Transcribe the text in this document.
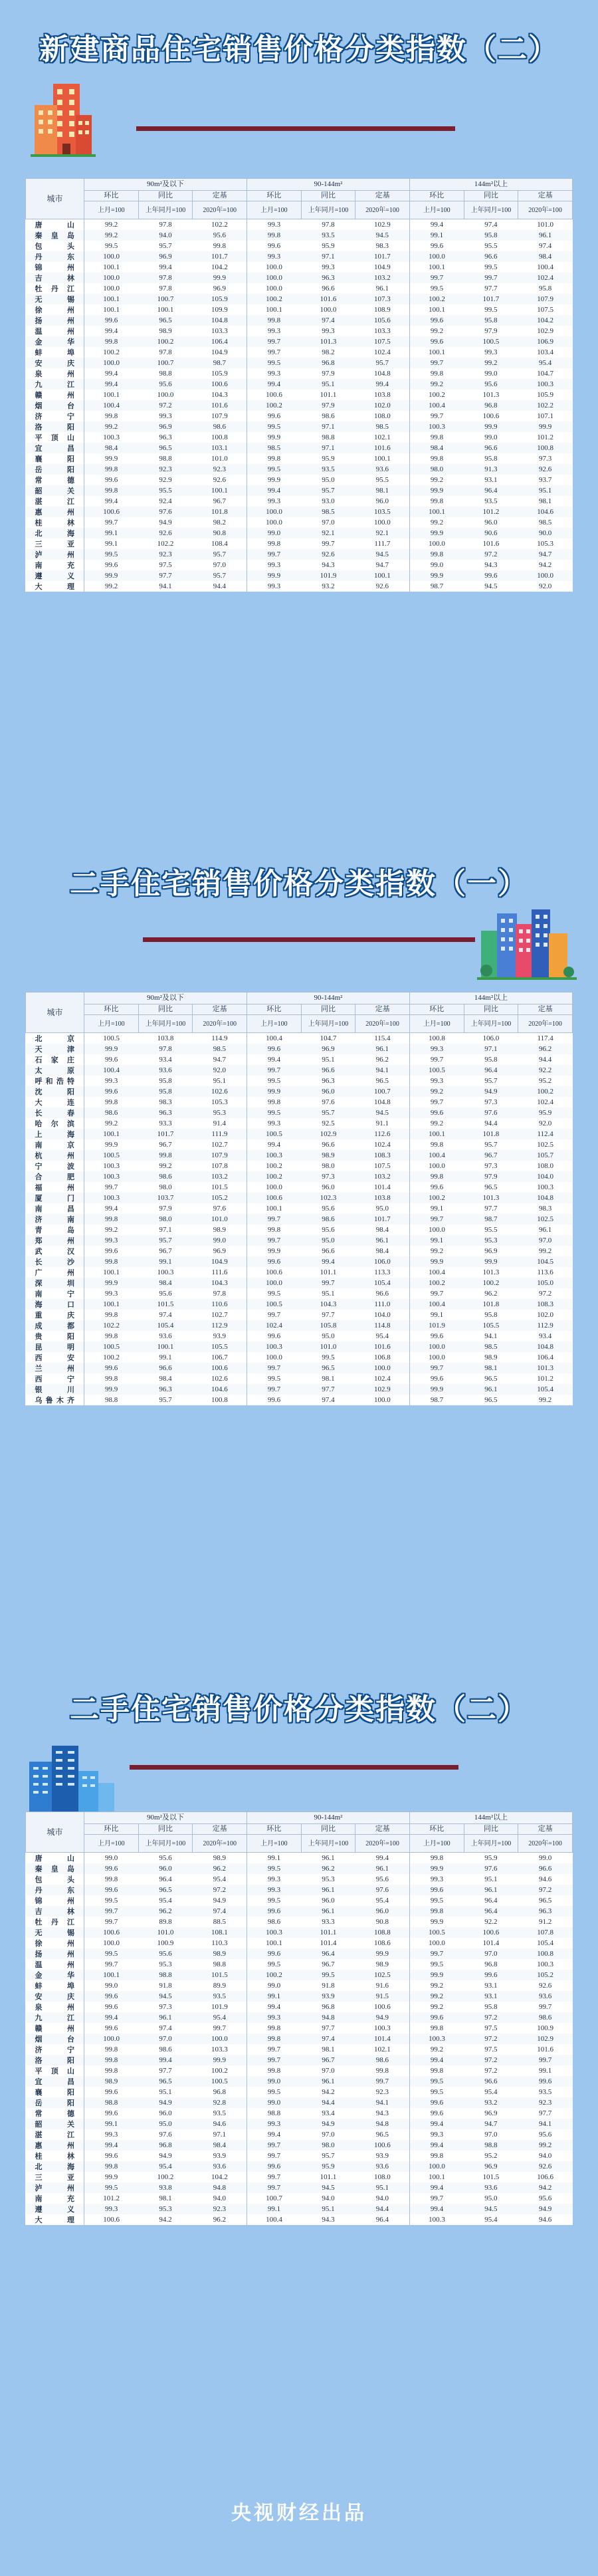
新建商品住宅销售价格分类指数（二）
城市	90m²及以下			90-144m²			144m²以上		
	环比	同比	定基	环比	同比	定基	环比	同比	定基
	上月=100	上年同月=100	2020年=100	上月=100	上年同月=100	2020年=100	上月=100	上年同月=100	2020年=100
唐山	99.2	97.8	102.2	99.3	97.8	102.9	99.4	97.4	101.0
秦皇岛	99.2	94.0	95.6	99.8	93.5	94.5	99.1	95.8	96.1
包头	99.5	95.7	99.8	99.6	95.9	98.3	99.6	95.5	97.4
丹东	100.0	96.9	101.7	99.3	97.1	101.7	100.0	96.6	98.4
锦州	100.1	99.4	104.2	100.0	99.3	104.9	100.1	99.5	100.4
吉林	100.0	97.8	99.9	100.0	96.3	103.2	99.7	99.7	102.4
牡丹江	100.0	97.8	96.9	100.0	96.6	96.1	99.5	97.7	95.8
无锡	100.1	100.7	105.9	100.2	101.6	107.3	100.2	101.7	107.9
徐州	100.1	100.1	109.9	100.1	100.0	108.9	100.1	99.5	107.5
扬州	99.6	96.5	104.8	99.8	97.4	105.6	99.6	95.8	104.2
温州	99.4	98.9	103.3	99.3	99.3	103.3	99.2	97.9	102.9
金华	99.8	100.2	106.4	99.7	101.3	107.5	99.6	100.5	106.9
蚌埠	100.2	97.8	104.9	99.7	98.2	102.4	100.1	99.3	103.4
安庆	100.0	100.7	98.7	99.5	96.8	95.7	99.7	99.2	95.4
泉州	99.4	98.8	105.9	99.3	97.9	104.8	99.8	99.0	104.7
九江	99.4	95.6	100.6	99.4	95.1	99.4	99.2	95.6	100.3
赣州	100.1	100.0	104.3	100.6	101.1	103.8	100.2	101.3	105.9
烟台	100.4	97.2	101.6	100.2	97.9	102.0	100.4	96.8	102.2
济宁	99.8	99.3	107.9	99.6	98.6	108.0	99.7	100.6	107.1
洛阳	99.2	96.9	98.6	99.5	97.1	98.5	100.3	99.9	99.9
平顶山	100.3	96.3	100.8	99.9	98.8	102.1	99.8	99.0	101.2
宜昌	98.4	96.5	103.1	98.5	97.1	101.6	98.4	96.6	100.8
襄阳	99.9	98.8	101.0	99.8	95.9	100.1	99.8	95.8	97.3
岳阳	99.8	92.3	92.3	99.5	93.5	93.6	98.0	91.3	92.6
常德	99.6	92.9	92.6	99.9	95.0	95.5	99.2	93.1	93.7
韶关	99.8	95.5	100.1	99.4	95.7	98.1	99.9	96.4	95.1
湛江	99.4	92.4	96.7	99.3	93.0	96.0	99.8	93.5	98.1
惠州	100.6	97.6	101.8	100.0	98.5	103.5	100.1	101.2	104.6
桂林	99.7	94.9	98.2	100.0	97.0	100.0	99.2	96.0	98.5
北海	99.1	92.6	90.8	99.0	92.1	92.1	99.9	90.6	90.0
三亚	99.1	102.2	108.4	99.8	99.7	111.7	100.0	101.6	105.3
泸州	99.5	92.3	95.7	99.7	92.6	94.5	99.8	97.2	94.7
南充	99.6	97.5	97.0	99.3	94.3	94.7	99.0	94.3	94.2
遵义	99.9	97.7	95.7	99.9	101.9	100.1	99.9	99.6	100.0
大理	99.2	94.1	94.4	99.3	93.2	92.6	98.7	94.5	92.0
二手住宅销售价格分类指数（一）
城市	90m²及以下			90-144m²			144m²以上		
	环比	同比	定基	环比	同比	定基	环比	同比	定基
	上月=100	上年同月=100	2020年=100	上月=100	上年同月=100	2020年=100	上月=100	上年同月=100	2020年=100
北京	100.5	103.8	114.9	100.4	104.7	115.4	100.8	106.0	117.4
天津	99.9	97.8	98.5	99.6	96.9	96.1	99.3	97.1	96.2
石家庄	99.6	93.4	94.7	99.4	95.1	96.2	99.7	95.8	94.4
太原	100.4	93.6	92.0	99.7	96.6	94.1	100.5	96.4	92.2
呼和浩特	99.3	95.8	95.1	99.5	96.3	96.5	99.3	95.7	95.2
沈阳	99.6	95.8	102.6	99.9	96.0	100.7	99.2	94.9	100.2
大连	99.8	98.3	105.3	99.8	97.6	104.8	99.7	97.3	102.4
长春	98.6	96.3	95.3	99.5	95.7	94.5	99.6	97.6	95.9
哈尔滨	99.2	93.3	91.4	99.3	92.5	91.1	99.2	94.4	92.0
上海	100.1	101.7	111.9	100.5	102.9	112.6	100.1	101.8	112.4
南京	99.9	96.7	102.7	99.4	96.6	102.4	99.8	95.7	102.5
杭州	100.5	99.8	107.9	100.3	98.9	108.3	100.4	96.7	105.7
宁波	100.3	99.2	107.8	100.2	98.0	107.5	100.0	97.3	108.0
合肥	100.3	98.6	103.2	100.2	97.3	103.2	99.8	97.9	104.0
福州	99.7	98.0	101.5	100.0	96.0	101.4	99.6	96.5	100.3
厦门	100.3	103.7	105.2	100.6	102.3	103.8	100.2	101.3	104.8
南昌	99.4	97.9	97.6	100.1	95.6	95.0	99.1	97.7	98.3
济南	99.8	98.0	101.0	99.7	98.6	101.7	99.7	98.7	102.5
青岛	99.2	97.1	98.9	99.8	95.6	98.4	100.0	95.5	96.1
郑州	99.3	95.7	99.0	99.7	95.0	96.1	99.1	95.3	97.0
武汉	99.6	96.7	96.9	99.9	96.6	98.4	99.2	96.9	99.2
长沙	99.8	99.1	104.9	99.6	99.4	106.0	99.9	99.9	104.5
广州	100.1	100.3	111.6	100.6	101.1	113.3	100.4	101.3	113.6
深圳	99.9	98.4	104.3	100.0	99.7	105.4	100.2	100.2	105.0
南宁	99.3	95.6	97.8	99.5	95.1	96.6	99.7	96.2	97.2
海口	100.1	101.5	110.6	100.5	104.3	111.0	100.4	101.8	108.3
重庆	99.8	97.4	102.7	99.7	97.7	104.0	99.1	95.8	102.0
成都	102.2	105.4	112.9	102.4	105.8	114.8	101.9	105.5	112.9
贵阳	99.8	93.6	93.9	99.6	95.0	95.4	99.6	94.1	93.4
昆明	100.5	100.1	105.5	100.3	101.0	101.6	100.0	98.5	104.8
西安	100.2	99.1	106.7	100.0	99.5	106.8	100.0	98.9	106.4
兰州	99.6	96.6	100.6	99.7	96.5	100.0	99.7	98.1	101.3
西宁	99.8	98.4	102.6	99.5	98.1	102.4	99.6	96.5	101.2
银川	99.9	96.3	104.6	99.7	97.7	102.9	99.9	96.1	105.4
乌鲁木齐	98.8	95.7	100.8	99.6	97.4	100.0	98.7	96.5	99.2
二手住宅销售价格分类指数（二）
城市	90m²及以下			90-144m²			144m²以上		
	环比	同比	定基	环比	同比	定基	环比	同比	定基
	上月=100	上年同月=100	2020年=100	上月=100	上年同月=100	2020年=100	上月=100	上年同月=100	2020年=100
唐山	99.0	95.6	98.9	99.1	96.1	99.4	99.8	95.9	99.0
秦皇岛	99.6	96.0	96.2	99.5	96.2	96.1	99.9	97.6	96.6
包头	99.8	96.4	95.4	99.3	95.3	95.6	99.3	95.1	94.6
丹东	99.6	96.5	97.2	99.3	96.1	97.6	99.6	96.1	97.2
锦州	99.5	95.4	94.9	99.5	96.0	95.4	99.5	96.4	96.5
吉林	99.7	96.2	97.4	99.6	96.1	96.0	99.8	96.4	96.3
牡丹江	99.7	89.8	88.5	98.6	93.3	90.8	99.9	92.2	91.2
无锡	100.6	101.0	108.1	100.3	101.1	108.8	100.5	100.6	107.8
徐州	100.0	100.9	110.3	100.1	101.4	108.6	100.0	101.4	105.4
扬州	99.5	95.6	98.9	99.6	96.4	99.9	99.7	97.0	100.8
温州	99.7	95.3	98.8	99.5	96.7	98.9	99.5	96.8	100.3
金华	100.1	98.8	101.5	100.2	99.5	102.5	99.9	99.6	105.2
蚌埠	99.0	91.8	89.9	99.0	91.8	91.6	99.2	93.1	92.6
安庆	99.6	94.5	93.5	99.1	93.9	91.5	99.2	93.1	93.6
泉州	99.6	97.3	101.9	99.4	96.8	100.6	99.2	95.8	99.7
九江	99.4	96.1	95.4	99.3	94.8	94.9	99.6	97.2	98.6
赣州	99.6	97.4	99.7	99.8	97.7	100.3	99.8	97.5	100.9
烟台	100.0	97.0	100.0	99.8	97.4	101.4	100.3	97.2	102.9
济宁	99.8	98.6	103.3	99.7	98.1	102.1	99.2	97.5	101.6
洛阳	99.8	99.4	99.9	99.7	96.7	98.6	99.4	97.2	99.7
平顶山	99.8	97.7	100.2	99.8	97.0	99.8	99.8	97.2	99.1
宜昌	98.9	96.5	100.5	99.0	96.1	99.7	99.5	96.6	99.6
襄阳	99.6	95.1	96.8	99.5	94.2	92.3	99.5	95.4	93.5
岳阳	98.8	94.9	92.8	99.0	94.4	94.1	99.6	93.2	92.3
常德	99.6	96.0	93.5	98.8	93.4	94.3	99.6	96.9	97.7
韶关	99.1	95.0	94.6	99.3	94.9	94.8	99.4	94.7	94.1
湛江	99.3	97.6	97.1	99.4	97.0	96.5	99.3	97.0	95.6
惠州	99.4	96.8	98.4	99.7	98.0	100.6	99.4	98.8	99.2
桂林	99.6	94.9	93.9	99.7	95.7	93.9	99.8	95.2	94.0
北海	99.8	95.4	93.6	99.6	95.9	93.6	100.0	96.9	92.6
三亚	99.9	100.2	104.2	99.7	101.1	108.0	100.1	101.5	106.6
泸州	99.5	93.8	94.8	99.7	94.5	95.1	99.4	93.6	94.2
南充	101.2	98.1	94.0	100.7	94.0	94.0	99.7	95.0	95.6
遵义	99.3	95.3	92.3	99.1	95.1	94.4	99.4	94.5	94.9
大理	100.6	94.2	96.2	100.4	94.3	96.4	100.3	95.4	94.6
央视财经出品
